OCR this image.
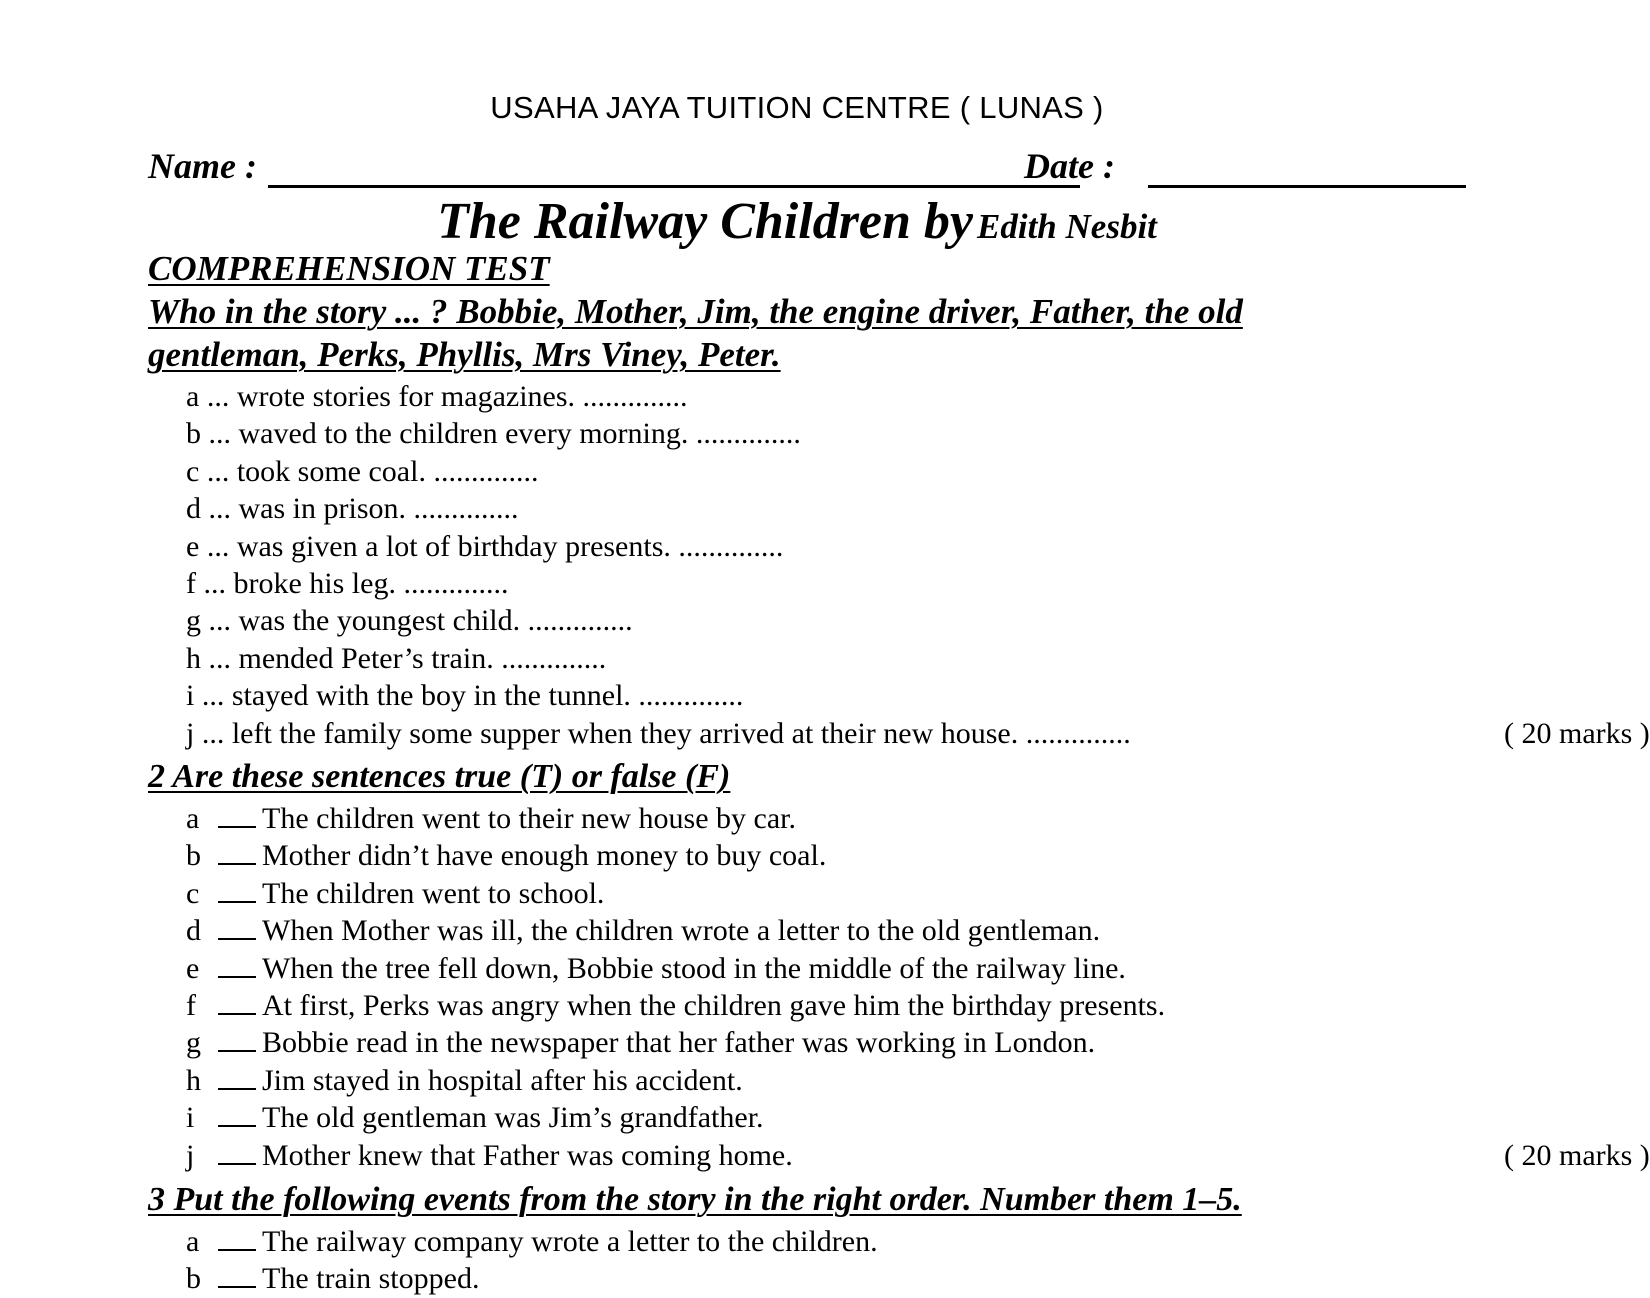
USAHA JAYA TUITION CENTRE ( LUNAS )
Name :	Date :
The Railway Children by Edith Nesbit
COMPREHENSION TEST
Who in the story ... ? Bobbie, Mother, Jim, the engine driver, Father, the old
gentleman, Perks, Phyllis, Mrs Viney, Peter.
a ... wrote stories for magazines. ..............
b ... waved to the children every morning. ..............
c ... took some coal. ..............
d ... was in prison. ..............
e ... was given a lot of birthday presents. ..............
f ... broke his leg. ..............
g ... was the youngest child. ..............
h ... mended Peter’s train. ..............
i ... stayed with the boy in the tunnel. ..............
j ... left the family some supper when they arrived at their new house. ..............	( 20 marks )
2 Are these sentences true (T) or false (F)
a The children went to their new house by car.
b Mother didn’t have enough money to buy coal.
c The children went to school.
d When Mother was ill, the children wrote a letter to the old gentleman.
e When the tree fell down, Bobbie stood in the middle of the railway line.
f At first, Perks was angry when the children gave him the birthday presents.
g Bobbie read in the newspaper that her father was working in London.
h Jim stayed in hospital after his accident.
i The old gentleman was Jim’s grandfather.
j Mother knew that Father was coming home.	( 20 marks )
3 Put the following events from the story in the right order. Number them 1–5.
a The railway company wrote a letter to the children.
b The train stopped.
